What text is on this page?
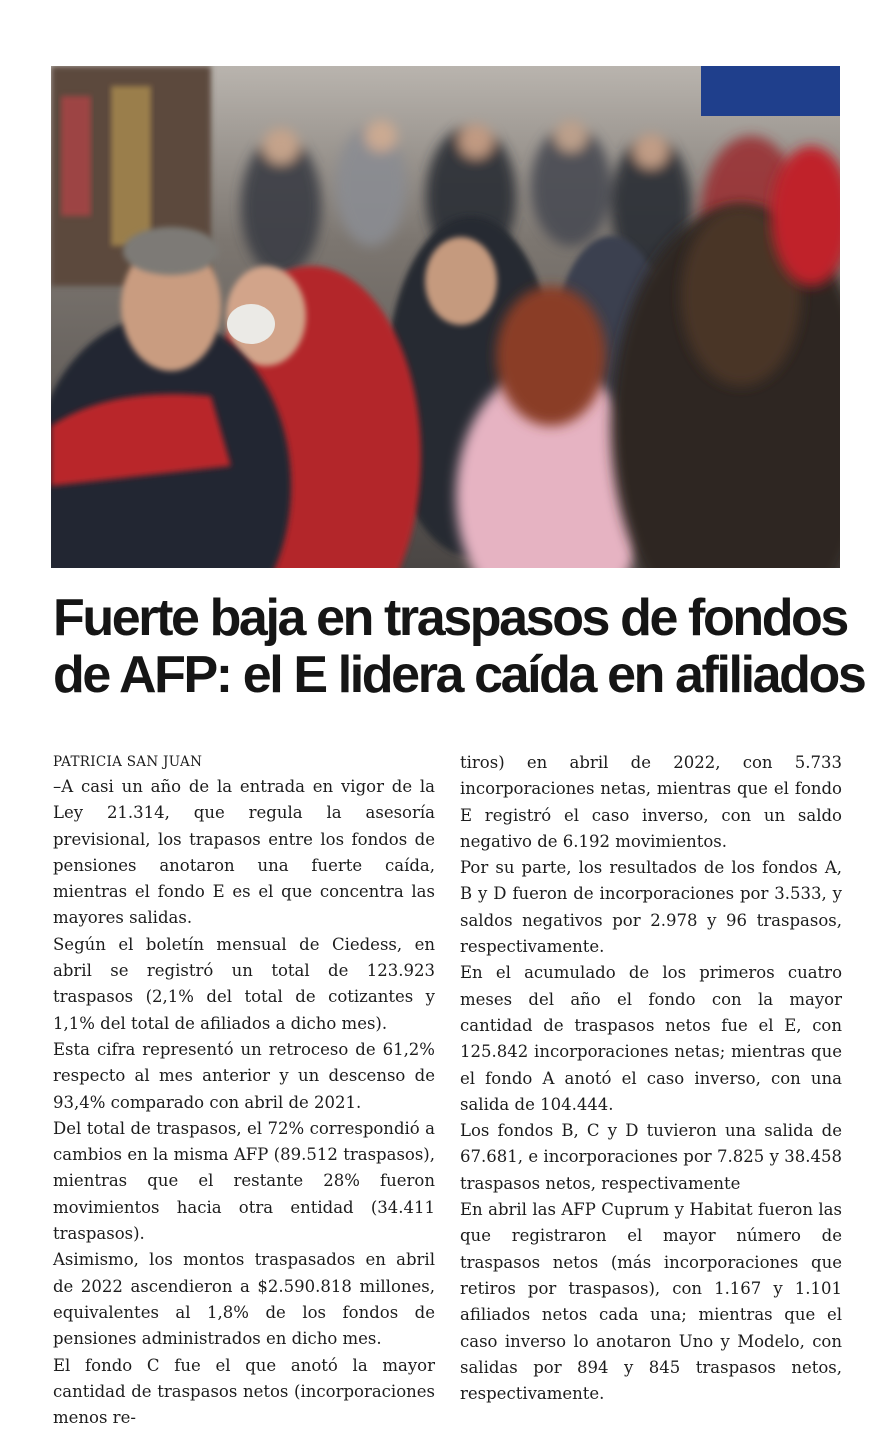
Fuerte baja en traspasos de fondos
de AFP: el E lidera caída en afiliados
PATRICIA SAN JUAN

–A casi un año de la entrada en vigor de la Ley 21.314, que regula la asesoría previsional, los trapasos entre los fondos de pensiones anotaron una fuerte caída, mientras el fondo E es el que concentra las mayores salidas.

Según el boletín mensual de Ciedess, en abril se registró un total de 123.923 traspasos (2,1% del total de cotizantes y 1,1% del total de afiliados a dicho mes).

Esta cifra representó un retroceso de 61,2% respecto al mes anterior y un descenso de 93,4% comparado con abril de 2021.

Del total de traspasos, el 72% correspondió a cambios en la misma AFP (89.512 traspasos), mientras que el restante 28% fueron movimientos hacia otra entidad (34.411 traspasos).

Asimismo, los montos traspasados en abril de 2022 ascendieron a $2.590.818 millones, equivalentes al 1,8% de los fondos de pensiones administrados en dicho mes.

El fondo C fue el que anotó la mayor cantidad de traspasos netos (incorporaciones menos re-

tiros) en abril de 2022, con 5.733 incorporaciones netas, mientras que el fondo E registró el caso inverso, con un saldo negativo de 6.192 movimientos.

Por su parte, los resultados de los fondos A, B y D fueron de incorporaciones por 3.533, y saldos negativos por 2.978 y 96 traspasos, respectivamente.

En el acumulado de los primeros cuatro meses del año el fondo con la mayor cantidad de traspasos netos fue el E, con 125.842 incorporaciones netas; mientras que el fondo A anotó el caso inverso, con una salida de 104.444.

Los fondos B, C y D tuvieron una salida de 67.681, e incorporaciones por 7.825 y 38.458 traspasos netos, respectivamente

En abril las AFP Cuprum y Habitat fueron las que registraron el mayor número de traspasos netos (más incorporaciones que retiros por traspasos), con 1.167 y 1.101 afiliados netos cada una; mientras que el caso inverso lo anotaron Uno y Modelo, con salidas por 894 y 845 traspasos netos, respectivamente.
